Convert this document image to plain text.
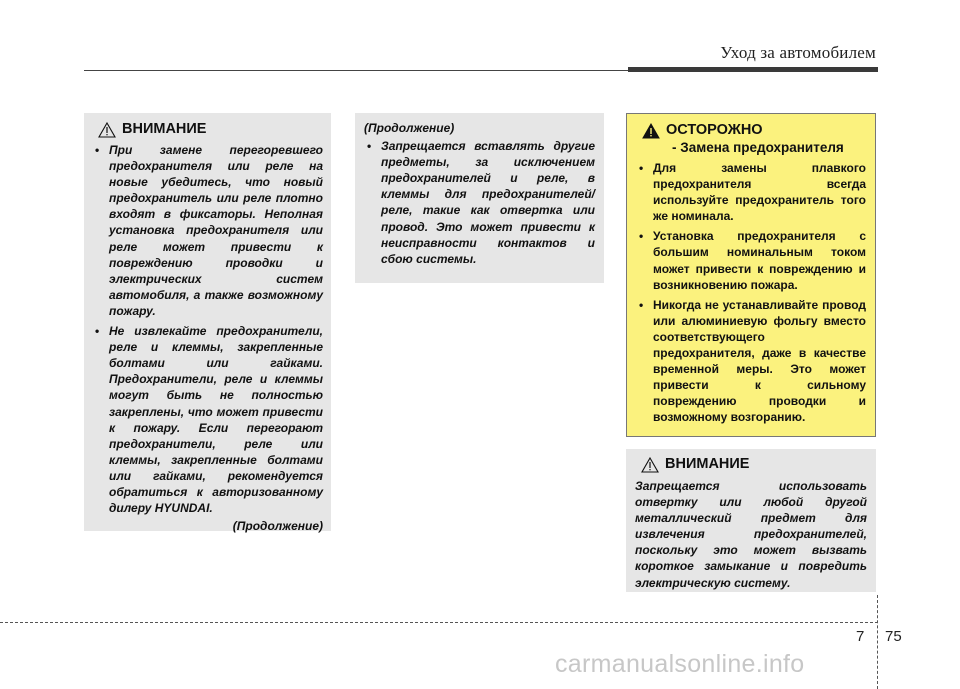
Уход за автомобилем
ВНИМАНИЕ
• При замене перегоревшего предохранителя или реле на новые убедитесь, что новый предохранитель или реле плотно входят в фиксаторы. Неполная установка предохранителя или реле может привести к повреждению проводки и электрических систем автомобиля, а также возможному пожару.
• Не извлекайте предохранители, реле и клеммы, закрепленные болтами или гайками. Предохранители, реле и клеммы могут быть не полностью закреплены, что может привести к пожару. Если перегорают предохранители, реле или клеммы, закрепленные болтами или гайками, рекомендуется обратиться к авторизованному дилеру HYUNDAI.
(Продолжение)
(Продолжение)
• Запрещается вставлять другие предметы, за исключением предохранителей и реле, в клеммы для предохранителей/реле, такие как отвертка или провод. Это может привести к неисправности контактов и сбою системы.
ОСТОРОЖНО
- Замена предохранителя
• Для замены плавкого предохранителя всегда используйте предохранитель того же номинала.
• Установка предохранителя с большим номинальным током может привести к повреждению и возникновению пожара.
• Никогда не устанавливайте провод или алюминиевую фольгу вместо соответствующего предохранителя, даже в качестве временной меры. Это может привести к сильному повреждению проводки и возможному возгоранию.
ВНИМАНИЕ
Запрещается использовать отвертку или любой другой металлический предмет для извлечения предохранителей, поскольку это может вызвать короткое замыкание и повредить электрическую систему.
7 75
carmanualsonline.info
